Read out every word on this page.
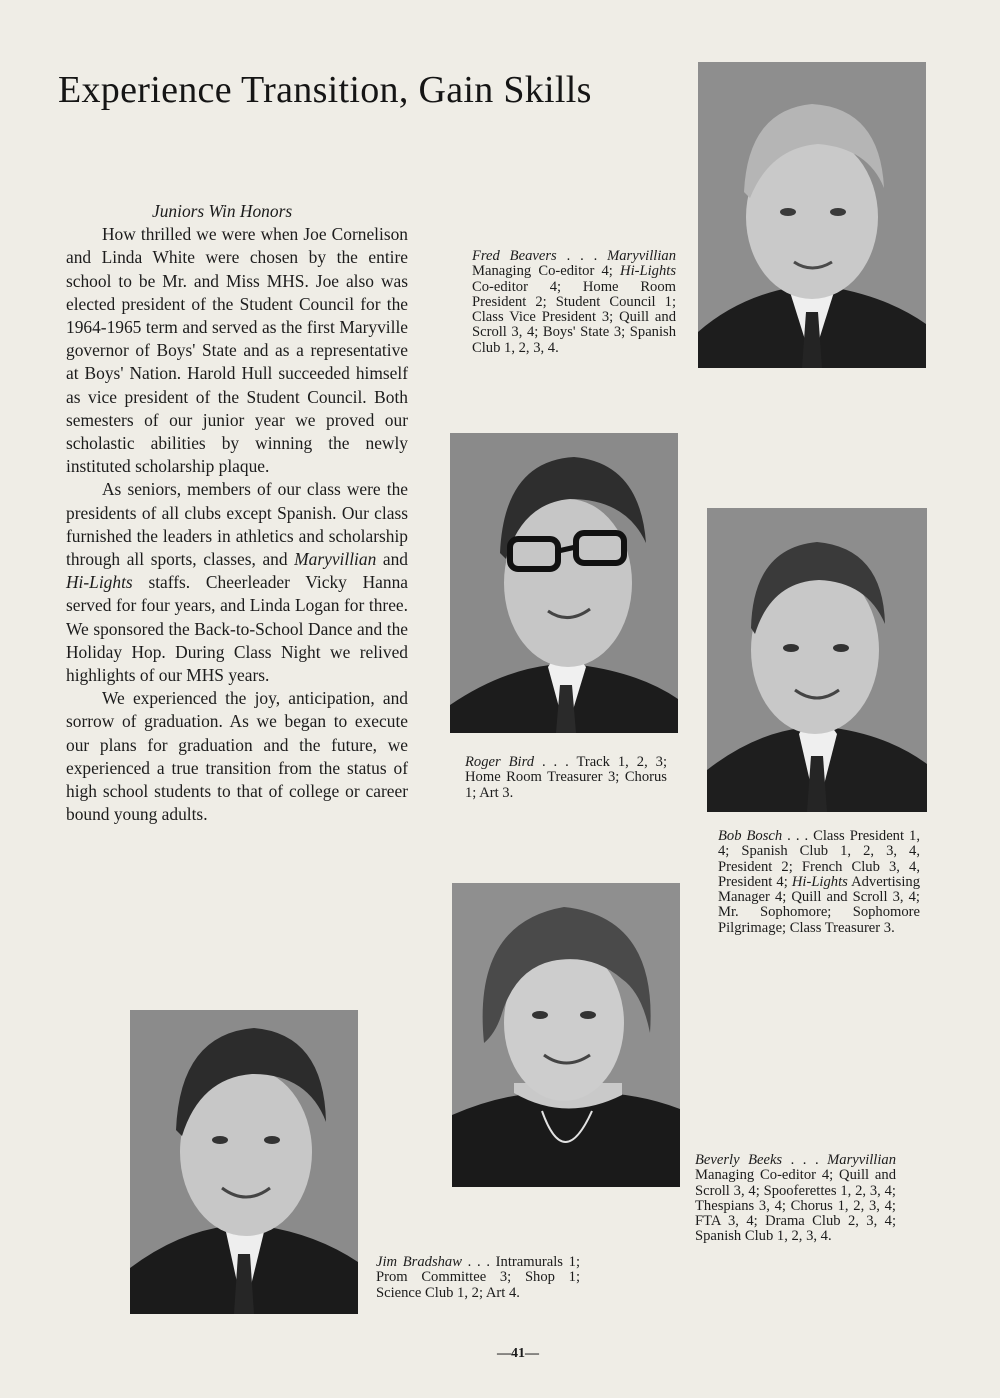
Experience Transition, Gain Skills
Juniors Win Honors

How thrilled we were when Joe Cornelison and Linda White were chosen by the entire school to be Mr. and Miss MHS. Joe also was elected president of the Student Council for the 1964-1965 term and served as the first Maryville governor of Boys' State and as a representative at Boys' Nation. Harold Hull succeeded himself as vice president of the Student Council. Both semesters of our junior year we proved our scholastic abilities by winning the newly instituted scholarship plaque.

As seniors, members of our class were the presidents of all clubs except Spanish. Our class furnished the leaders in athletics and scholarship through all sports, classes, and Maryvillian and Hi-Lights staffs. Cheerleader Vicky Hanna served for four years, and Linda Logan for three. We sponsored the Back-to-School Dance and the Holiday Hop. During Class Night we relived highlights of our MHS years.

We experienced the joy, anticipation, and sorrow of graduation. As we began to execute our plans for graduation and the future, we experienced a true transition from the status of high school students to that of college or career bound young adults.

Fred Beavers . . . Maryvillian Managing Co-editor 4; Hi-Lights Co-editor 4; Home Room President 2; Student Council 1; Class Vice President 3; Quill and Scroll 3, 4; Boys' State 3; Spanish Club 1, 2, 3, 4.
Roger Bird . . . Track 1, 2, 3; Home Room Treasurer 3; Chorus 1; Art 3.
Bob Bosch . . . Class President 1, 4; Spanish Club 1, 2, 3, 4, President 2; French Club 3, 4, President 4; Hi-Lights Advertising Manager 4; Quill and Scroll 3, 4; Mr. Sophomore; Sophomore Pilgrimage; Class Treasurer 3.
Beverly Beeks . . . Maryvillian Managing Co-editor 4; Quill and Scroll 3, 4; Spooferettes 1, 2, 3, 4; Thespians 3, 4; Chorus 1, 2, 3, 4; FTA 3, 4; Drama Club 2, 3, 4; Spanish Club 1, 2, 3, 4.
Jim Bradshaw . . . Intramurals 1; Prom Committee 3; Shop 1; Science Club 1, 2; Art 4.
—41—
